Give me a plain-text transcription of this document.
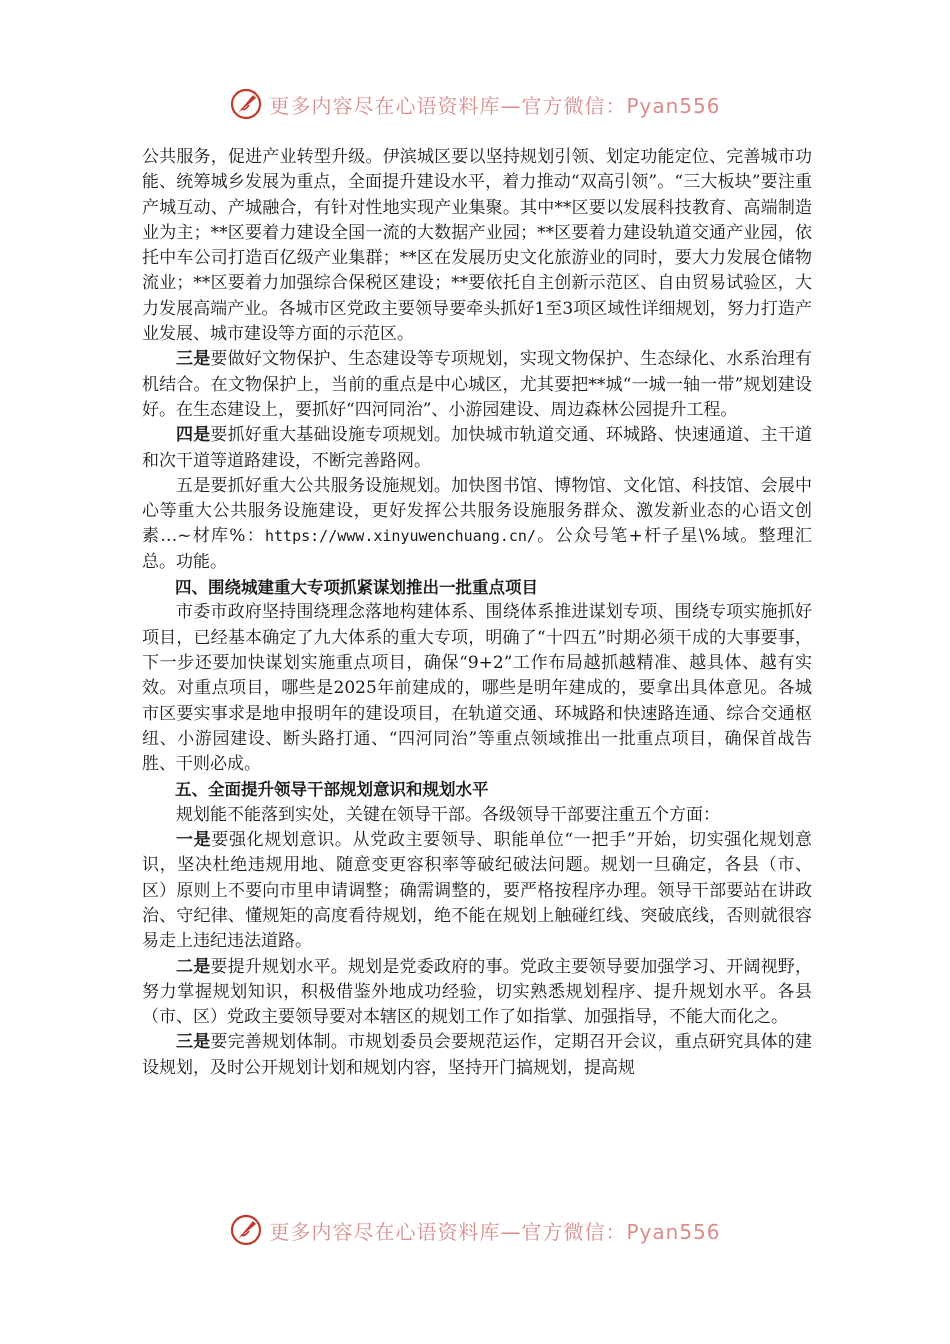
更多内容尽在心语资料库—官方微信：Pyan556

公共服务，促进产业转型升级。伊滨城区要以坚持规划引领、划定功能定位、完善城市功能、统筹城乡发展为重点，全面提升建设水平，着力推动“双高引领”。“三大板块”要注重产城互动、产城融合，有针对性地实现产业集聚。其中**区要以发展科技教育、高端制造业为主；**区要着力建设全国一流的大数据产业园；**区要着力建设轨道交通产业园，依托中车公司打造百亿级产业集群；**区在发展历史文化旅游业的同时，要大力发展仓储物流业；**区要着力加强综合保税区建设；**要依托自主创新示范区、自由贸易试验区，大力发展高端产业。各城市区党政主要领导要牵头抓好1至3项区域性详细规划，努力打造产业发展、城市建设等方面的示范区。

三是要做好文物保护、生态建设等专项规划，实现文物保护、生态绿化、水系治理有机结合。在文物保护上，当前的重点是中心城区，尤其要把**城“一城一轴一带”规划建设好。在生态建设上，要抓好“四河同治”、小游园建设、周边森林公园提升工程。

四是要抓好重大基础设施专项规划。加快城市轨道交通、环城路、快速通道、主干道和次干道等道路建设，不断完善路网。

五是要抓好重大公共服务设施规划。加快图书馆、博物馆、文化馆、科技馆、会展中心等重大公共服务设施建设，更好发挥公共服务设施服务群众、激发新业态的心语文创素…~材库%：https://www.xinyuwenchuang.cn/。公众号笔+杆子星\%域。整理汇总。功能。

四、围绕城建重大专项抓紧谋划推出一批重点项目

市委市政府坚持围绕理念落地构建体系、围绕体系推进谋划专项、围绕专项实施抓好项目，已经基本确定了九大体系的重大专项，明确了“十四五”时期必须干成的大事要事，下一步还要加快谋划实施重点项目，确保“9+2”工作布局越抓越精准、越具体、越有实效。对重点项目，哪些是2025年前建成的，哪些是明年建成的，要拿出具体意见。各城市区要实事求是地申报明年的建设项目，在轨道交通、环城路和快速路连通、综合交通枢纽、小游园建设、断头路打通、“四河同治”等重点领域推出一批重点项目，确保首战告胜、干则必成。

五、全面提升领导干部规划意识和规划水平

规划能不能落到实处，关键在领导干部。各级领导干部要注重五个方面：

一是要强化规划意识。从党政主要领导、职能单位“一把手”开始，切实强化规划意识，坚决杜绝违规用地、随意变更容积率等破纪破法问题。规划一旦确定，各县（市、区）原则上不要向市里申请调整；确需调整的，要严格按程序办理。领导干部要站在讲政治、守纪律、懂规矩的高度看待规划，绝不能在规划上触碰红线、突破底线，否则就很容易走上违纪违法道路。

二是要提升规划水平。规划是党委政府的事。党政主要领导要加强学习、开阔视野，努力掌握规划知识，积极借鉴外地成功经验，切实熟悉规划程序、提升规划水平。各县（市、区）党政主要领导要对本辖区的规划工作了如指掌、加强指导，不能大而化之。

三是要完善规划体制。市规划委员会要规范运作，定期召开会议，重点研究具体的建设规划，及时公开规划计划和规划内容，坚持开门搞规划，提高规

更多内容尽在心语资料库—官方微信：Pyan556
